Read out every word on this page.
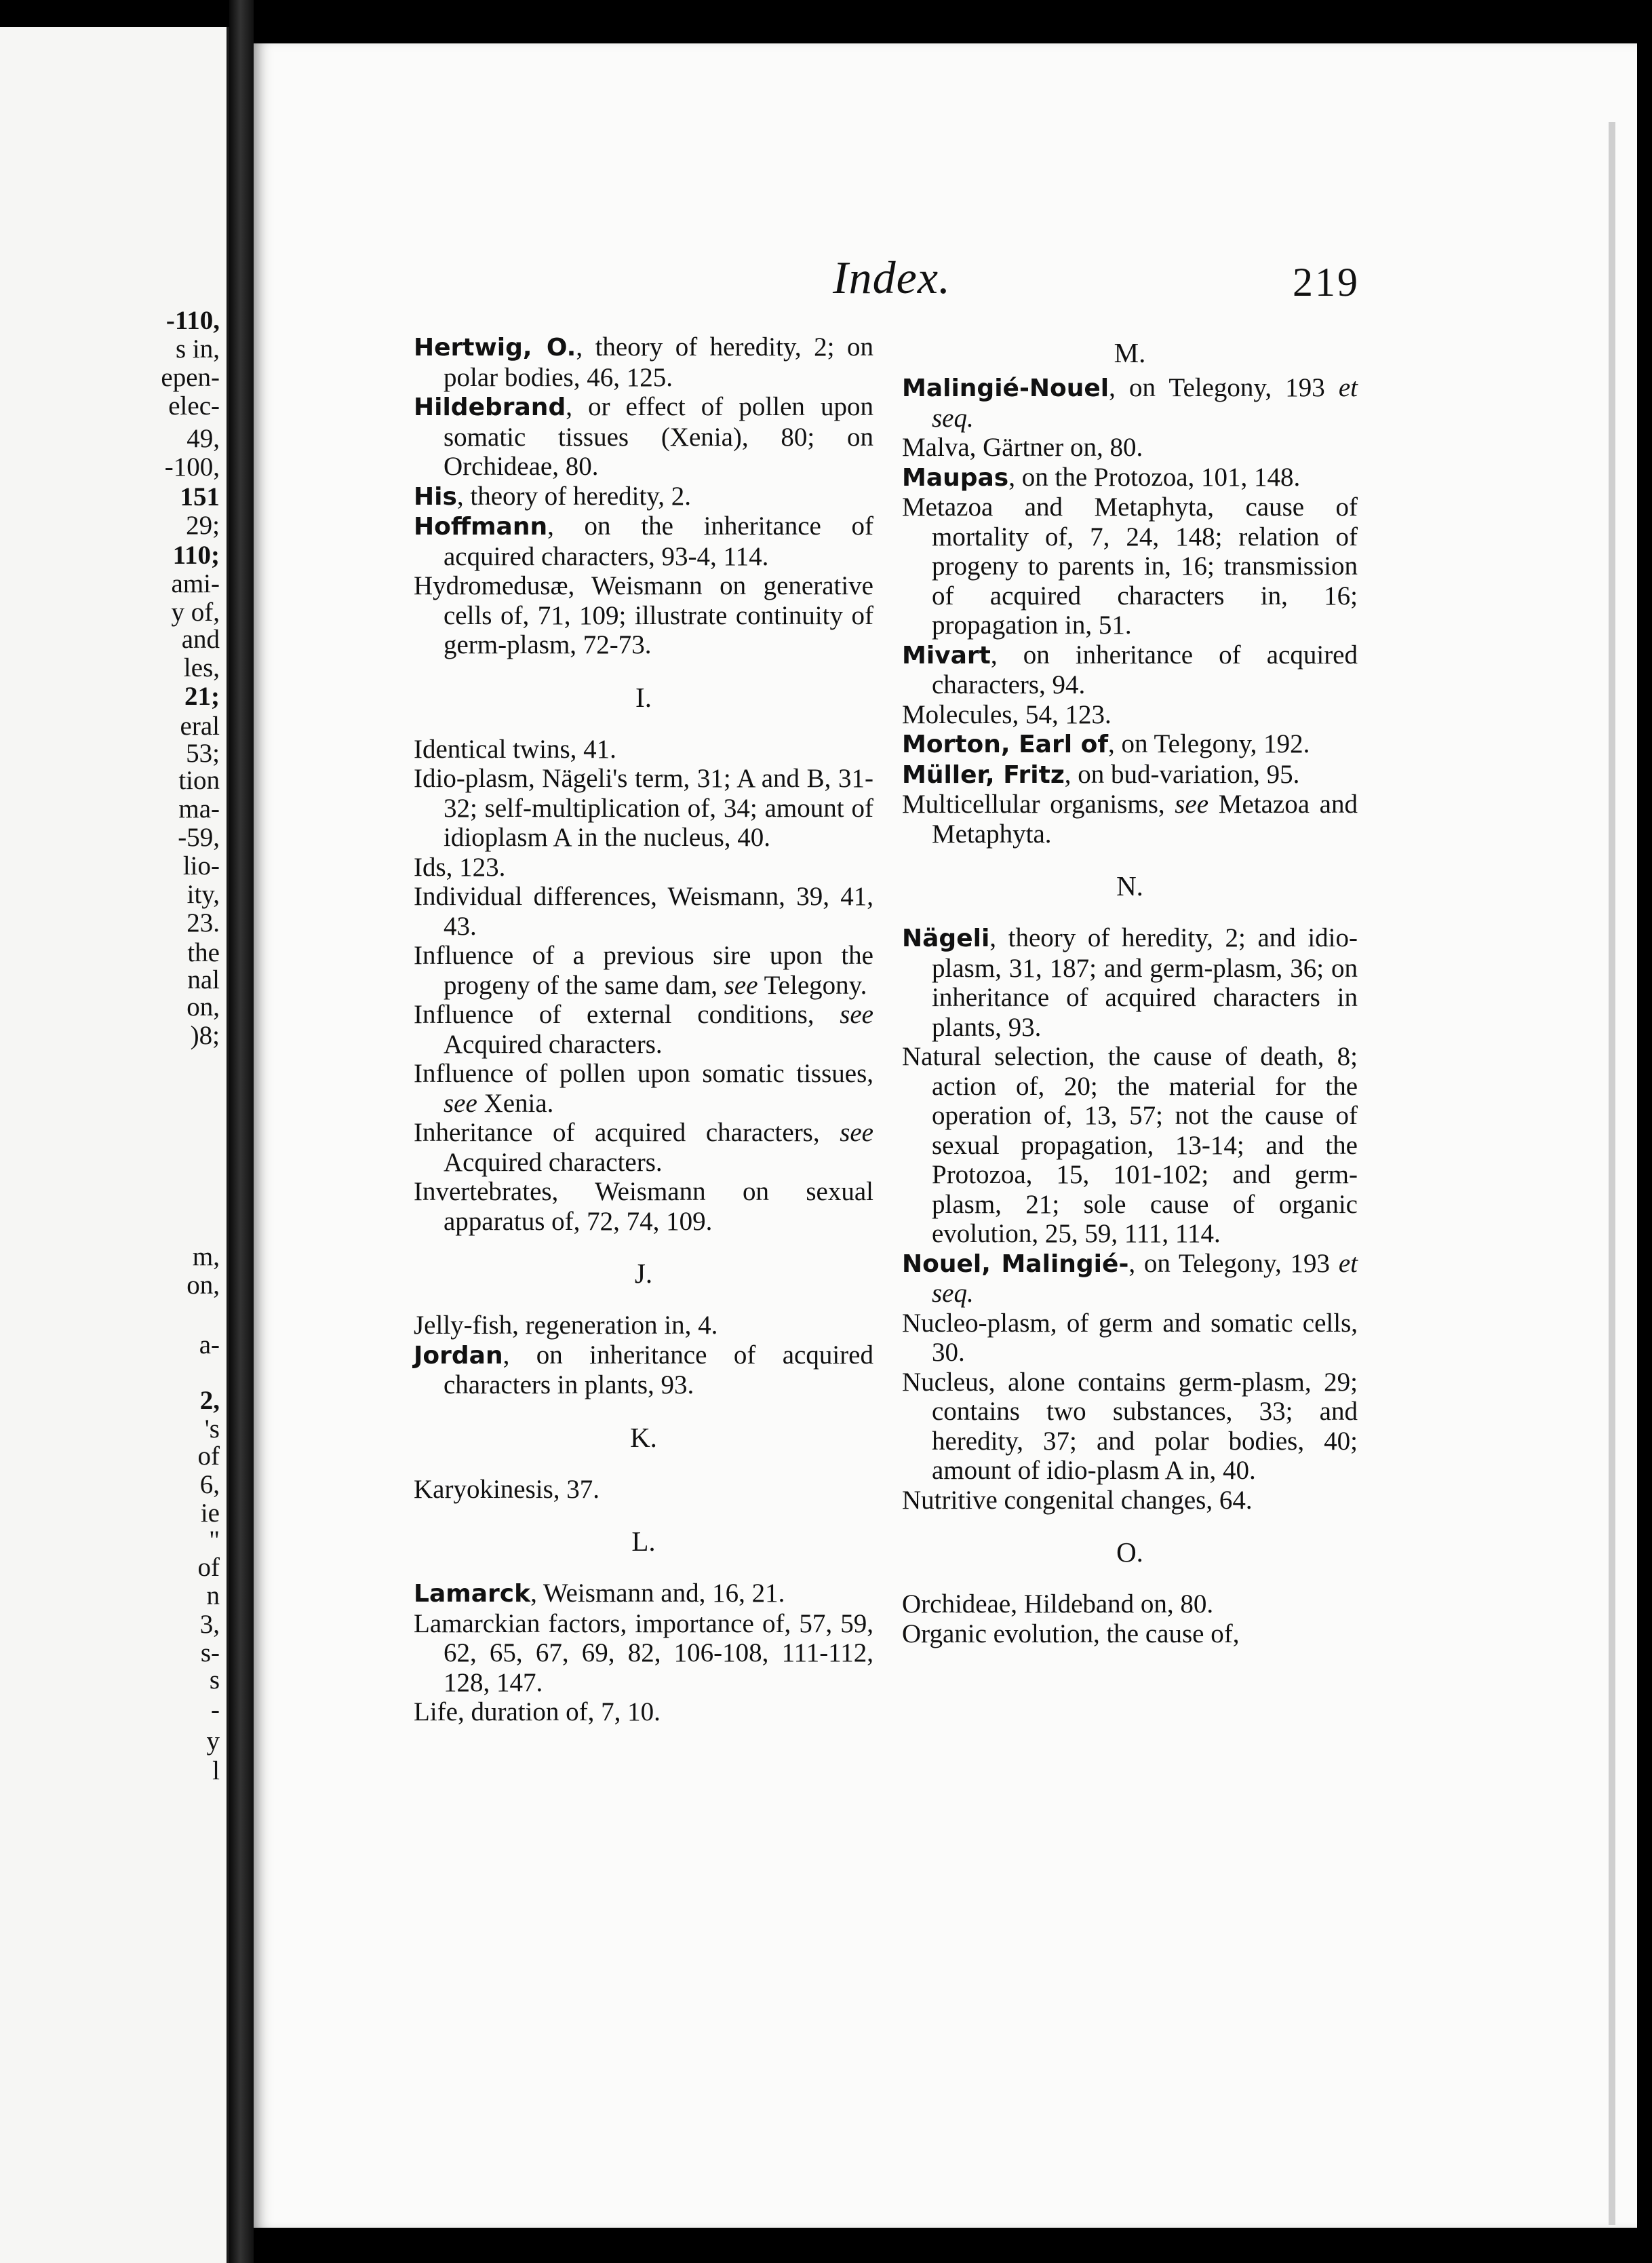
-110,
s in,
epen-
elec-
49,
-100,
151
29;
110;
ami-
y of,
and
les,
21;
eral
53;
tion
ma-
-59,
lio-
ity,
23.
the
nal
on,
)8;
m,
on,
a-
2,
's
of
6,
ie
"
of
n
3,
s-
s
-
y
l
Index.	219

Hertwig, O., theory of heredity, 2; on polar bodies, 46, 125.

Hildebrand, or effect of pollen upon somatic tissues (Xenia), 80; on Orchideae, 80.

His, theory of heredity, 2.

Hoffmann, on the inheritance of acquired characters, 93-4, 114.

Hydromedusæ, Weismann on generative cells of, 71, 109; illustrate continuity of germ-plasm, 72-73.

I.

Identical twins, 41.

Idio-plasm, Nägeli's term, 31; A and B, 31-32; self-multiplication of, 34; amount of idioplasm A in the nucleus, 40.

Ids, 123.

Individual differences, Weismann, 39, 41, 43.

Influence of a previous sire upon the progeny of the same dam, see Telegony.

Influence of external conditions, see Acquired characters.

Influence of pollen upon somatic tissues, see Xenia.

Inheritance of acquired characters, see Acquired characters.

Invertebrates, Weismann on sexual apparatus of, 72, 74, 109.

J.

Jelly-fish, regeneration in, 4.

Jordan, on inheritance of acquired characters in plants, 93.

K.

Karyokinesis, 37.

L.

Lamarck, Weismann and, 16, 21.

Lamarckian factors, importance of, 57, 59, 62, 65, 67, 69, 82, 106-108, 111-112, 128, 147.

Life, duration of, 7, 10.

M.

Malingié-Nouel, on Telegony, 193 et seq.

Malva, Gärtner on, 80.

Maupas, on the Protozoa, 101, 148.

Metazoa and Metaphyta, cause of mortality of, 7, 24, 148; relation of progeny to parents in, 16; transmission of acquired characters in, 16; propagation in, 51.

Mivart, on inheritance of acquired characters, 94.

Molecules, 54, 123.

Morton, Earl of, on Telegony, 192.

Müller, Fritz, on bud-variation, 95.

Multicellular organisms, see Metazoa and Metaphyta.

N.

Nägeli, theory of heredity, 2; and idio-plasm, 31, 187; and germ-plasm, 36; on inheritance of acquired characters in plants, 93.

Natural selection, the cause of death, 8; action of, 20; the material for the operation of, 13, 57; not the cause of sexual propagation, 13-14; and the Protozoa, 15, 101-102; and germ-plasm, 21; sole cause of organic evolution, 25, 59, 111, 114.

Nouel, Malingié-, on Telegony, 193 et seq.

Nucleo-plasm, of germ and somatic cells, 30.

Nucleus, alone contains germ-plasm, 29; contains two substances, 33; and heredity, 37; and polar bodies, 40; amount of idio-plasm A in, 40.

Nutritive congenital changes, 64.

O.

Orchideae, Hildeband on, 80.

Organic evolution, the cause of,
